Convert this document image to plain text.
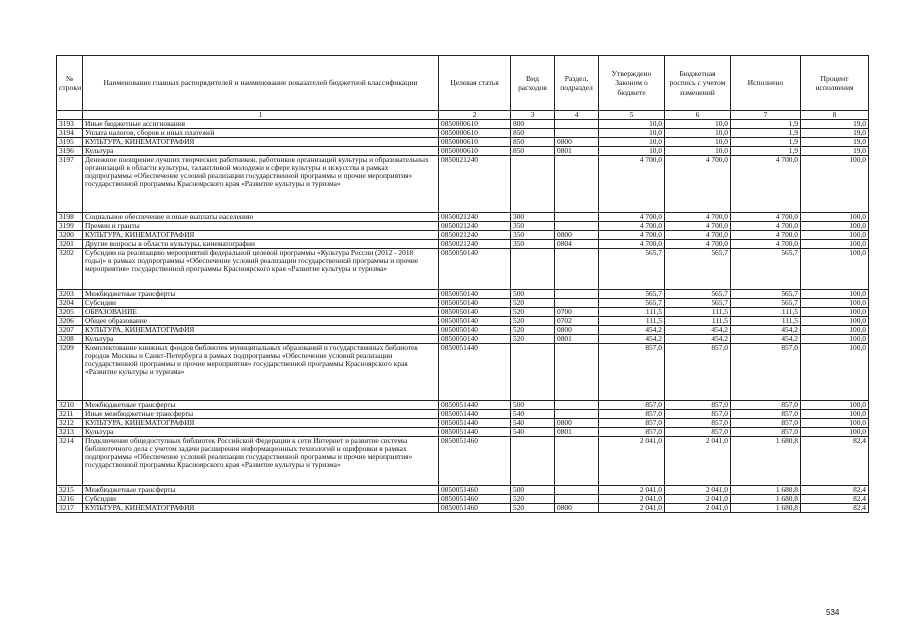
№ строки	Наименование главных распорядителей и наименование показателей бюджетной классификации	Целевая статья	Вид расходов	Раздел, подраздел	Утверждено Законом о бюджете	Бюджетная роспись с учетом изменений	Исполнено	Процент исполнения
	1	2	3	4	5	6	7	8
3193	Иные бюджетные ассигнования	0850000610	800		10,0	10,0	1,9	19,0
3194	Уплата налогов, сборов и иных платежей	0850000610	850		10,0	10,0	1,9	19,0
3195	КУЛЬТУРА, КИНЕМАТОГРАФИЯ	0850000610	850	0800	10,0	10,0	1,9	19,0
3196	Культура	0850000610	850	0801	10,0	10,0	1,9	19,0
3197	Денежное поощрение лучших творческих работников, работников организаций культуры и образовательных организаций в области культуры, талантливой молодежи в сфере культуры и искусства в рамках подпрограммы «Обеспечение условий реализации государственной программы и прочие мероприятия» государственной программы Красноярского края «Развитие культуры и туризма»	0850021240			4 700,0	4 700,0	4 700,0	100,0
3198	Социальное обеспечение и иные выплаты населению	0850021240	300		4 700,0	4 700,0	4 700,0	100,0
3199	Премии и гранты	0850021240	350		4 700,0	4 700,0	4 700,0	100,0
3200	КУЛЬТУРА, КИНЕМАТОГРАФИЯ	0850021240	350	0800	4 700,0	4 700,0	4 700,0	100,0
3201	Другие вопросы в области культуры, кинематографии	0850021240	350	0804	4 700,0	4 700,0	4 700,0	100,0
3202	Субсидии на реализацию мероприятий федеральной целевой программы «Культура России (2012 - 2018 годы)» в рамках подпрограммы «Обеспечение условий реализации государственной программы и прочие мероприятия» государственной программы Красноярского края «Развитие культуры и туризма»	0850050140			565,7	565,7	565,7	100,0
3203	Межбюджетные трансферты	0850050140	500		565,7	565,7	565,7	100,0
3204	Субсидии	0850050140	520		565,7	565,7	565,7	100,0
3205	ОБРАЗОВАНИЕ	0850050140	520	0700	111,5	111,5	111,5	100,0
3206	Общее образование	0850050140	520	0702	111,5	111,5	111,5	100,0
3207	КУЛЬТУРА, КИНЕМАТОГРАФИЯ	0850050140	520	0800	454,2	454,2	454,2	100,0
3208	Культура	0850050140	520	0801	454,2	454,2	454,2	100,0
3209	Комплектование книжных фондов библиотек муниципальных образований и государственных библиотек городов Москвы и Санкт-Петербурга в рамках подпрограммы «Обеспечение условий реализации государственной программы и прочие мероприятия» государственной программы Красноярского края «Развитие культуры и туризма»	0850051440			857,0	857,0	857,0	100,0
3210	Межбюджетные трансферты	0850051440	500		857,0	857,0	857,0	100,0
3211	Иные межбюджетные трансферты	0850051440	540		857,0	857,0	857,0	100,0
3212	КУЛЬТУРА, КИНЕМАТОГРАФИЯ	0850051440	540	0800	857,0	857,0	857,0	100,0
3213	Культура	0850051440	540	0801	857,0	857,0	857,0	100,0
3214	Подключение общедоступных библиотек Российской Федерации к сети Интернет и развитие системы библиотечного дела с учетом задачи расширения информационных технологий и оцифровки в рамках подпрограммы «Обеспечение условий реализации государственной программы и прочие мероприятия» государственной программы Красноярского края «Развитие культуры и туризма»	0850051460			2 041,0	2 041,0	1 680,8	82,4
3215	Межбюджетные трансферты	0850051460	500		2 041,0	2 041,0	1 680,8	82,4
3216	Субсидии	0850051460	520		2 041,0	2 041,0	1 680,8	82,4
3217	КУЛЬТУРА, КИНЕМАТОГРАФИЯ	0850051460	520	0800	2 041,0	2 041,0	1 680,8	82,4
534
